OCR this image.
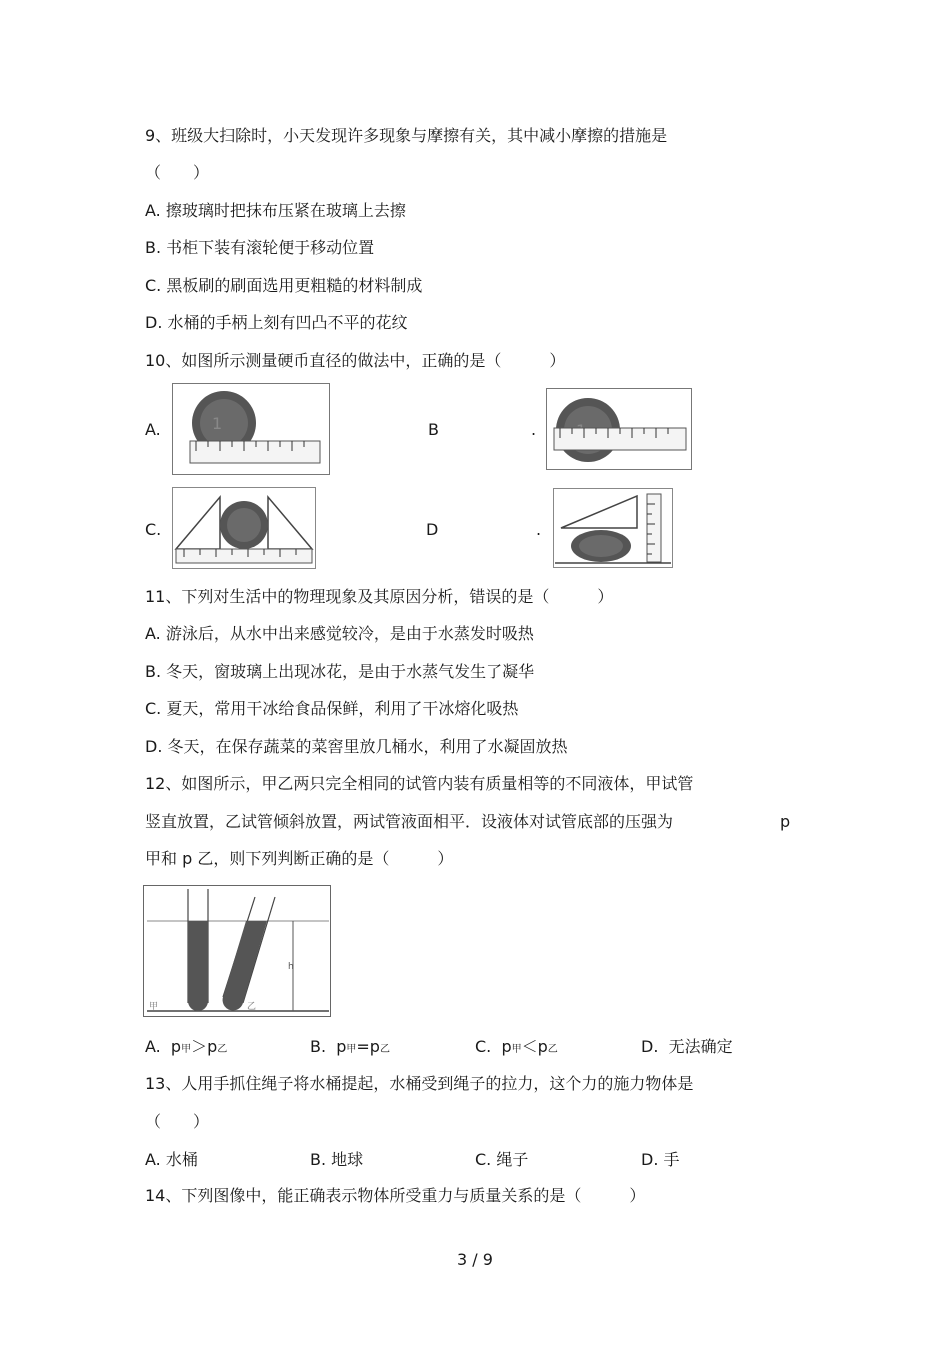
9、班级大扫除时，小天发现许多现象与摩擦有关，其中减小摩擦的措施是
（　　）
A. 擦玻璃时把抹布压紧在玻璃上去擦
B. 书柜下装有滚轮便于移动位置
C. 黑板刷的刷面选用更粗糙的材料制成
D. 水桶的手柄上刻有凹凸不平的花纹
10、如图所示测量硬币直径的做法中，正确的是（　　　）
A.	1	B	.
C.	D	.
11、下列对生活中的物理现象及其原因分析，错误的是（　　　）
A. 游泳后，从水中出来感觉较冷，是由于水蒸发时吸热
B. 冬天，窗玻璃上出现冰花，是由于水蒸气发生了凝华
C. 夏天，常用干冰给食品保鲜，利用了干冰熔化吸热
D. 冬天，在保存蔬菜的菜窖里放几桶水，利用了水凝固放热
12、如图所示，甲乙两只完全相同的试管内装有质量相等的不同液体，甲试管
竖直放置，乙试管倾斜放置，两试管液面相平．设液体对试管底部的压强为	p
甲和 p 乙，则下列判断正确的是（　　　）
h
甲	乙
A. p甲＞p乙	B. p甲=p乙	C. p甲＜p乙	D. 无法确定
13、人用手抓住绳子将水桶提起，水桶受到绳子的拉力，这个力的施力物体是
（　　）
A. 水桶	B. 地球	C. 绳子	D. 手
14、下列图像中，能正确表示物体所受重力与质量关系的是（　　　）
3 / 9
